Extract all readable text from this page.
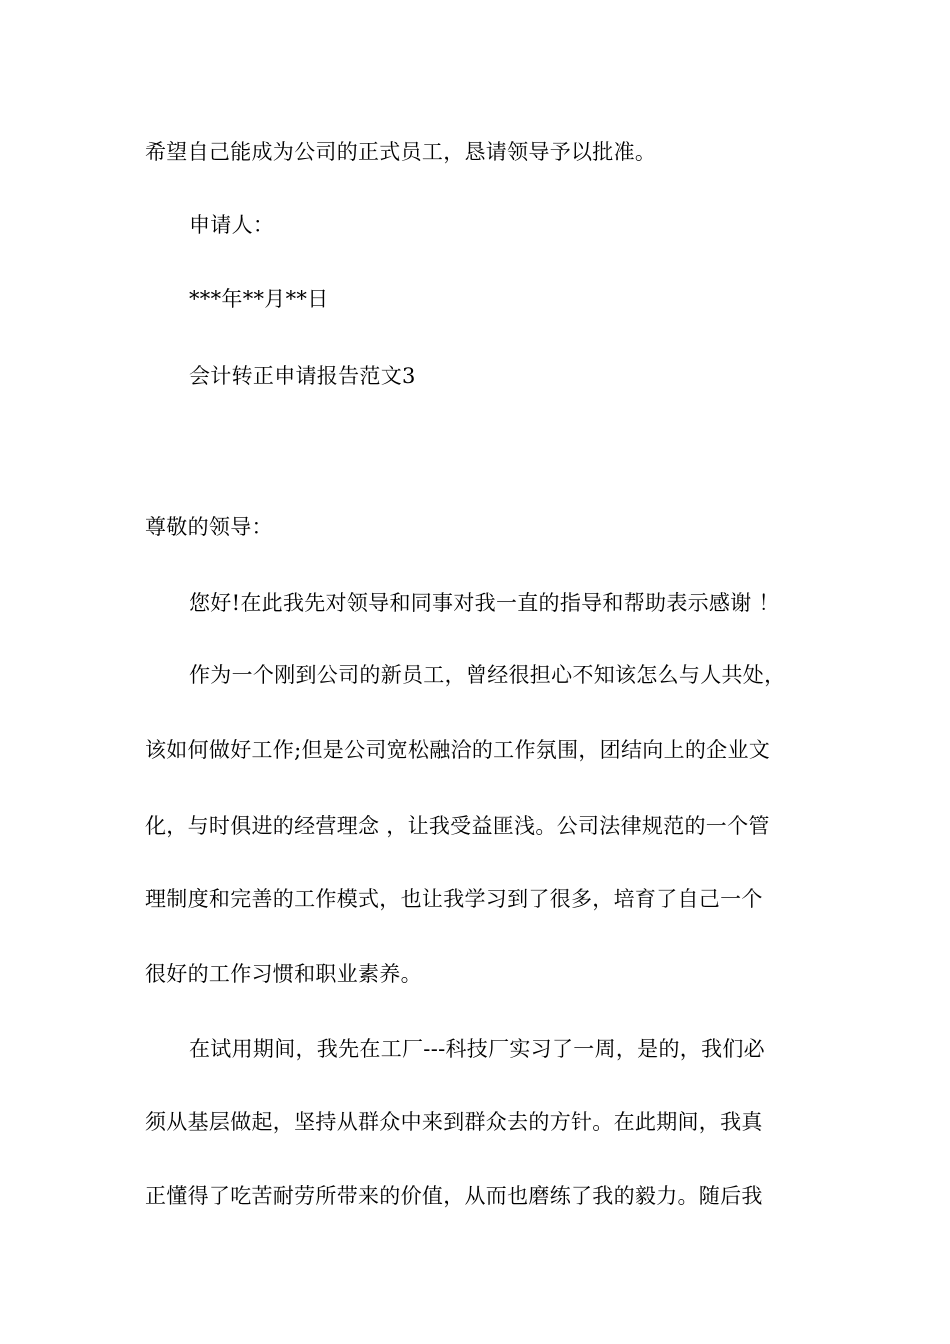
希望自己能成为公司的正式员工，恳请领导予以批准。
申请人：
***年**月**日
会计转正申请报告范文3
尊敬的领导：
您好!在此我先对领导和同事对我一直的指导和帮助表示感谢 ！
作为一个刚到公司的新员工，曾经很担心不知该怎么与人共处，
该如何做好工作;但是公司宽松融洽的工作氛围，团结向上的企业文
化，与时俱进的经营理念 ，让我受益匪浅。公司法律规范的一个管
理制度和完善的工作模式，也让我学习到了很多，培育了自己一个
很好的工作习惯和职业素养。
在试用期间，我先在工厂---科技厂实习了一周，是的，我们必
须从基层做起，坚持从群众中来到群众去的方针。在此期间，我真
正懂得了吃苦耐劳所带来的价值，从而也磨练了我的毅力。随后我
